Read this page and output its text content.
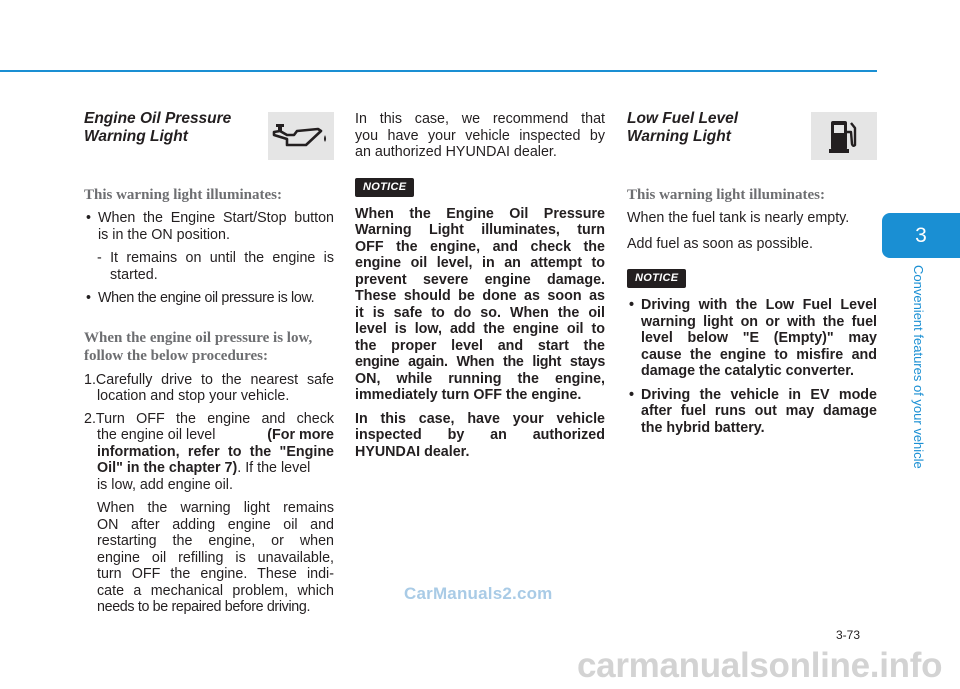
Engine Oil Pressure
Warning Light
This warning light illuminates:
• When the Engine Start/Stop button

is in the ON position.

- It remains on until the engine is

started.

• When the engine oil pressure is low.

When the engine oil pressure is low,
follow the below procedures:

1.Carefully drive to the nearest safe

location and stop your vehicle.

2.Turn OFF the engine and check

the engine oil level	(For more

information, refer to the "Engine

Oil" in the chapter 7). If the level

is low, add engine oil.

When the warning light remains

ON after adding engine oil and

restarting the engine, or when

engine oil refilling is unavailable,

turn OFF the engine. These indi-

cate a mechanical problem, which

needs to be repaired before driving.

In this case, we recommend that

you have your vehicle inspected by

an authorized HYUNDAI dealer.

NOTICE

When the Engine Oil Pressure

Warning Light illuminates, turn

OFF the engine, and check the

engine oil level, in an attempt to

prevent severe engine damage.

These should be done as soon as

it is safe to do so. When the oil

level is low, add the engine oil to

the proper level and start the

engine again. When the light stays

ON, while running the engine,

immediately turn OFF the engine.

In this case, have your vehicle

inspected by an authorized

HYUNDAI dealer.

Low Fuel Level
Warning Light
This warning light illuminates:

When the fuel tank is nearly empty.

Add fuel as soon as possible.

NOTICE
• Driving with the Low Fuel Level

warning light on or with the fuel

level below "E (Empty)" may

cause the engine to misfire and

damage the catalytic converter.

• Driving the vehicle in EV mode

after fuel runs out may damage

the hybrid battery.

3
Convenient features of your vehicle
3-73
CarManuals2.com
carmanualsonline.info
